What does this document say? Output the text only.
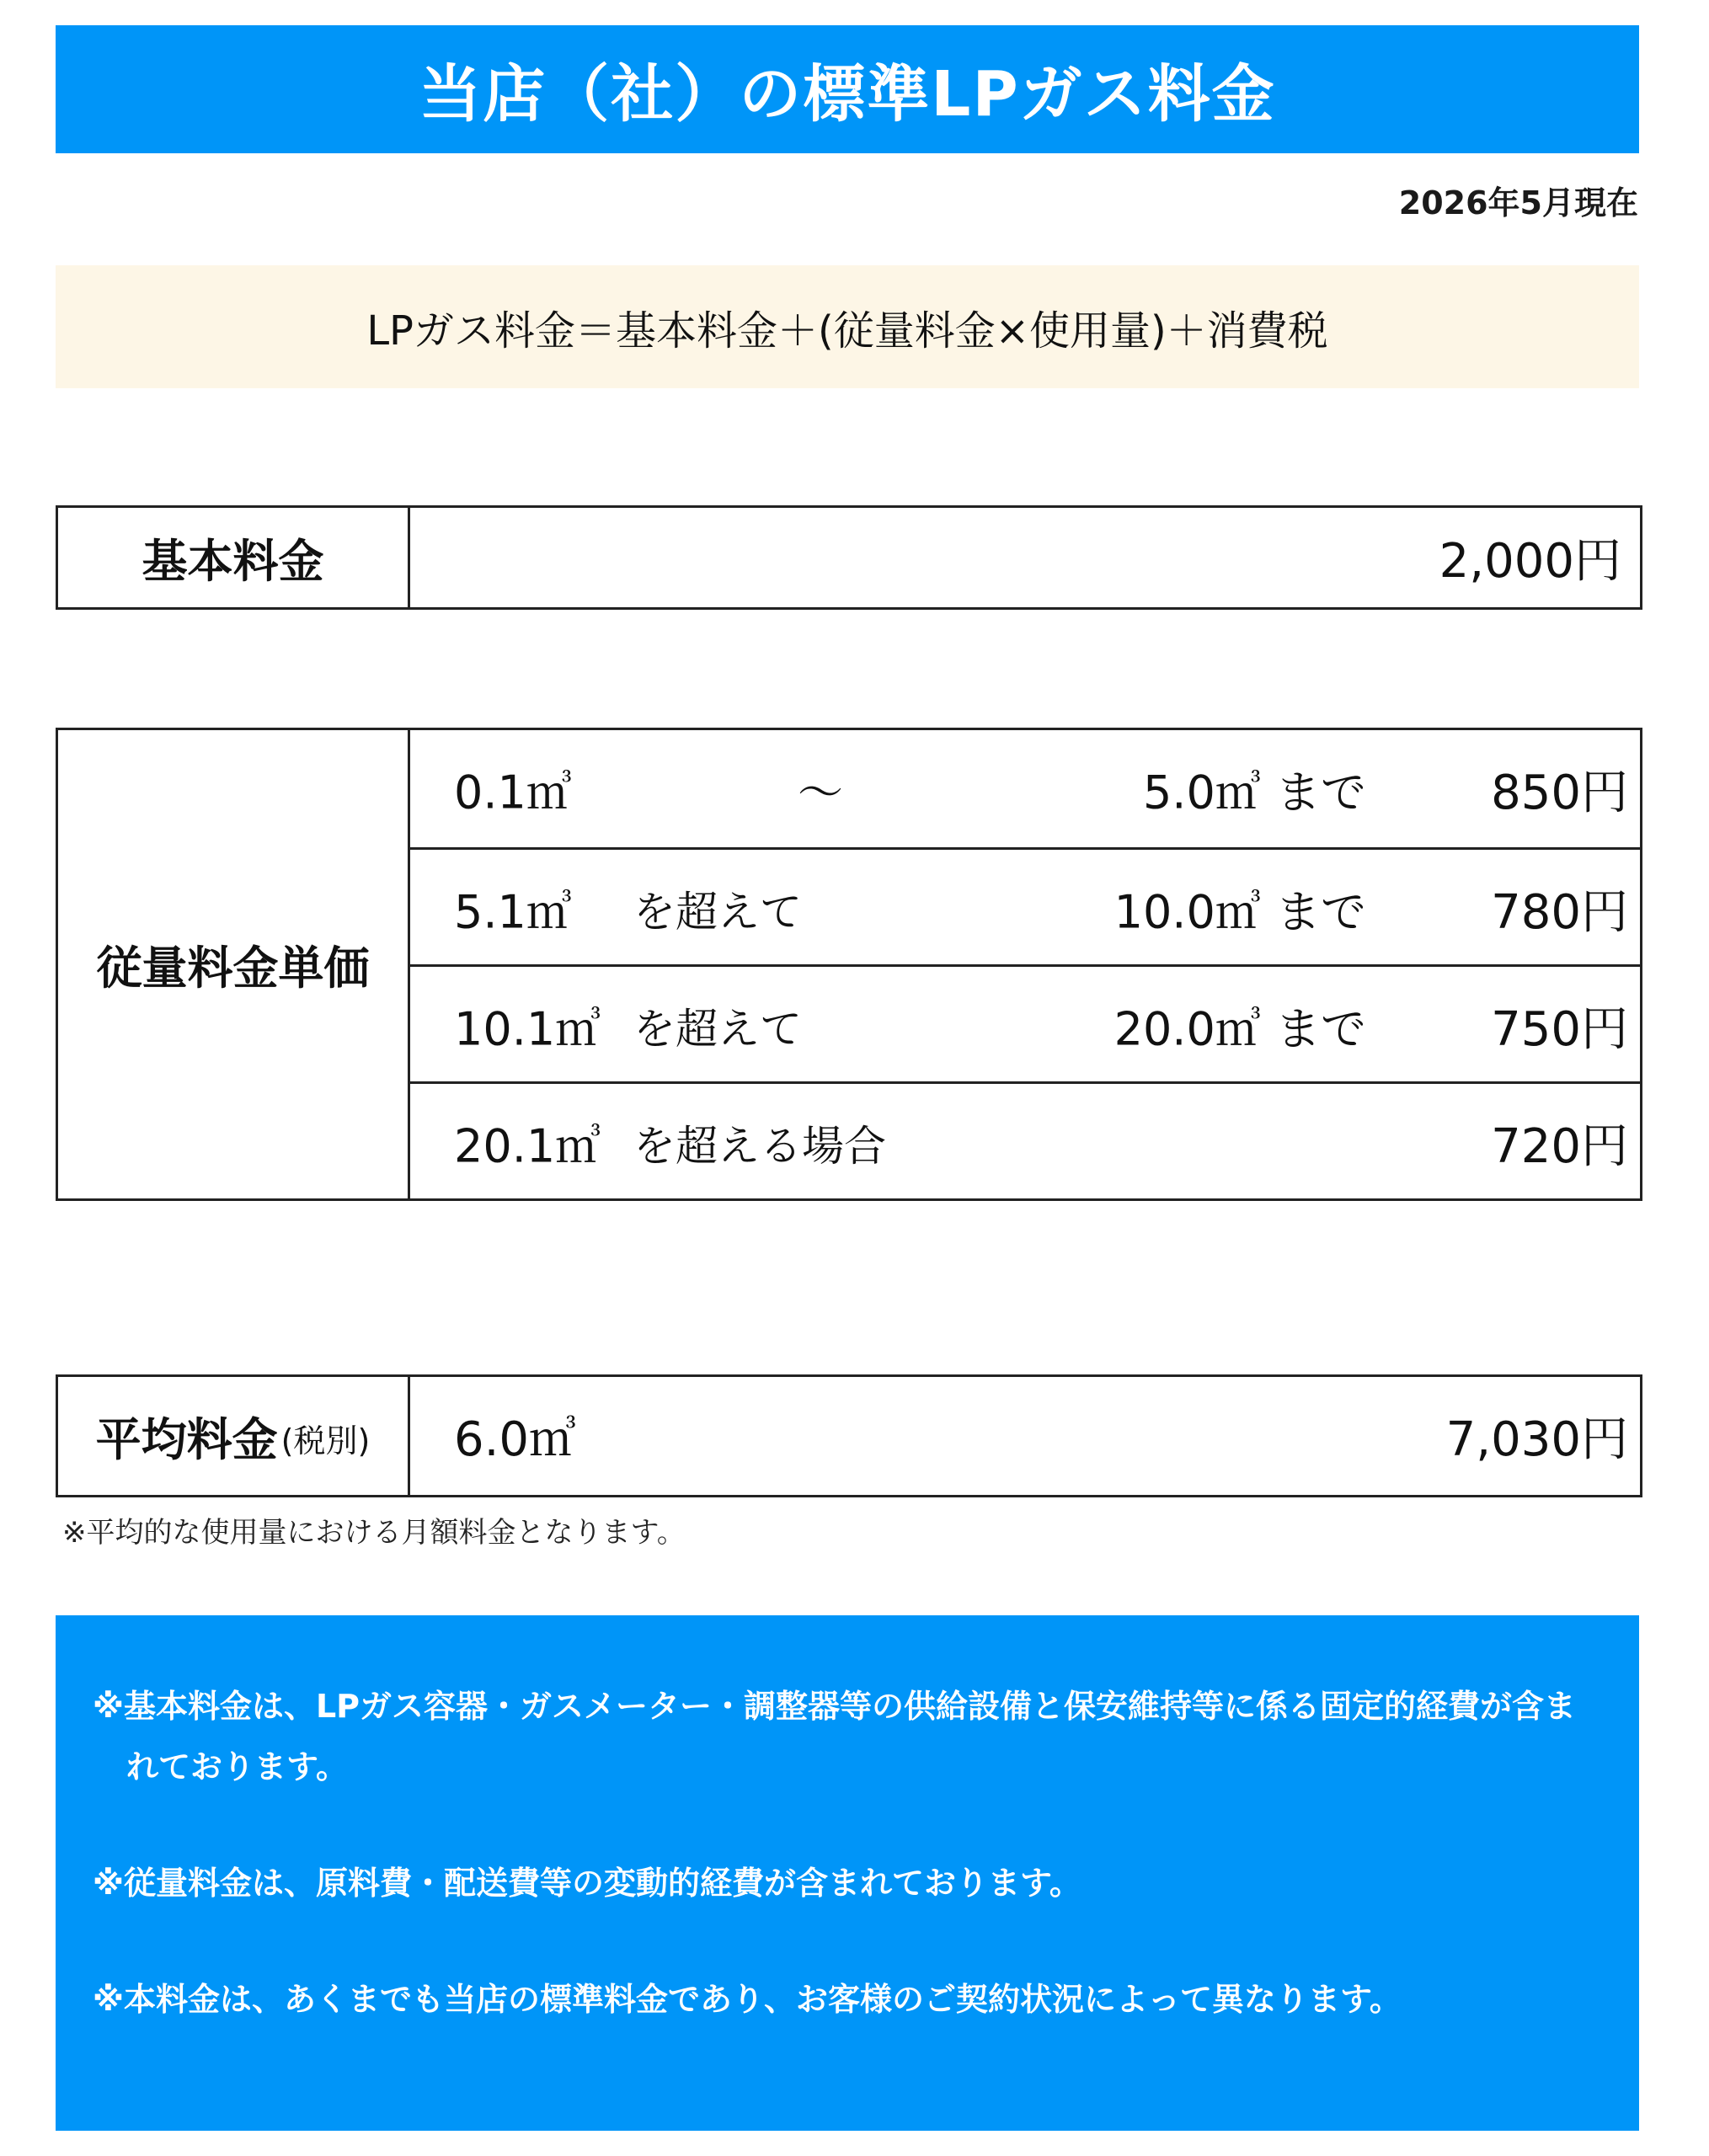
当店（社）の標準LPガス料金
2026年5月現在
LPガス料金＝基本料金＋(従量料金×使用量)＋消費税
基本料金	2,000円
従量料金単価
0.1㎥	～	5.0㎥ まで	850円
5.1㎥ を超えて	10.0㎥ まで	780円
10.1㎥ を超えて	20.0㎥ まで	750円
20.1㎥ を超える場合	720円
平均料金 (税別) 6.0㎥	7,030円
※平均的な使用量における月額料金となります。

※基本料金は、LPガス容器・ガスメーター・調整器等の供給設備と保安維持等に係る固定的経費が含まれております。

※従量料金は、原料費・配送費等の変動的経費が含まれております。

※本料金は、あくまでも当店の標準料金であり、お客様のご契約状況によって異なります。
